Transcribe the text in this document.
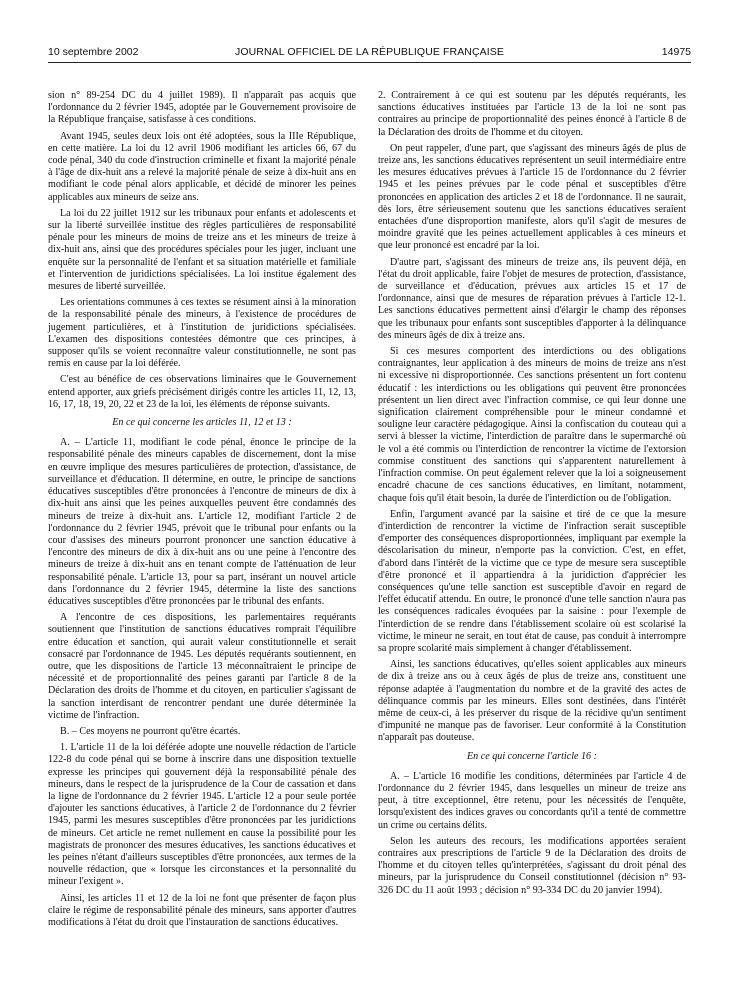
10 septembre 2002	JOURNAL OFFICIEL DE LA RÉPUBLIQUE FRANÇAISE	14975

sion n° 89-254 DC du 4 juillet 1989). Il n'apparaît pas acquis que l'ordonnance du 2 février 1945, adoptée par le Gouvernement provisoire de la République française, satisfasse à ces conditions.

Avant 1945, seules deux lois ont été adoptées, sous la IIIe République, en cette matière. La loi du 12 avril 1906 modifiant les articles 66, 67 du code pénal, 340 du code d'instruction criminelle et fixant la majorité pénale à l'âge de dix-huit ans a relevé la majorité pénale de seize à dix-huit ans en modifiant le code pénal alors applicable, et décidé de minorer les peines applicables aux mineurs de seize ans.

La loi du 22 juillet 1912 sur les tribunaux pour enfants et adolescents et sur la liberté surveillée institue des règles particulières de responsabilité pénale pour les mineurs de moins de treize ans et les mineurs de treize à dix-huit ans, ainsi que des procédures spéciales pour les juger, incluant une enquête sur la personnalité de l'enfant et sa situation matérielle et familiale et l'intervention de juridictions spécialisées. La loi institue également des mesures de liberté surveillée.

Les orientations communes à ces textes se résument ainsi à la minoration de la responsabilité pénale des mineurs, à l'existence de procédures de jugement particulières, et à l'institution de juridictions spécialisées. L'examen des dispositions contestées démontre que ces principes, à supposer qu'ils se voient reconnaître valeur constitutionnelle, ne sont pas remis en cause par la loi déférée.

C'est au bénéfice de ces observations liminaires que le Gouvernement entend apporter, aux griefs précisément dirigés contre les articles 11, 12, 13, 16, 17, 18, 19, 20, 22 et 23 de la loi, les éléments de réponse suivants.

En ce qui concerne les articles 11, 12 et 13 :

A. – L'article 11, modifiant le code pénal, énonce le principe de la responsabilité pénale des mineurs capables de discernement, dont la mise en œuvre implique des mesures particulières de protection, d'assistance, de surveillance et d'éducation. Il détermine, en outre, le principe de sanctions éducatives susceptibles d'être prononcées à l'encontre de mineurs de dix à dix-huit ans ainsi que les peines auxquelles peuvent être condamnés des mineurs de treize à dix-huit ans. L'article 12, modifiant l'article 2 de l'ordonnance du 2 février 1945, prévoit que le tribunal pour enfants ou la cour d'assises des mineurs pourront prononcer une sanction éducative à l'encontre des mineurs de dix à dix-huit ans ou une peine à l'encontre des mineurs de treize à dix-huit ans en tenant compte de l'atténuation de leur responsabilité pénale. L'article 13, pour sa part, insérant un nouvel article dans l'ordonnance du 2 février 1945, détermine la liste des sanctions éducatives susceptibles d'être prononcées par le tribunal des enfants.

A l'encontre de ces dispositions, les parlementaires requérants soutiennent que l'institution de sanctions éducatives romprait l'équilibre entre éducation et sanction, qui aurait valeur constitutionnelle et serait consacré par l'ordonnance de 1945. Les députés requérants soutiennent, en outre, que les dispositions de l'article 13 méconnaîtraient le principe de nécessité et de proportionnalité des peines garanti par l'article 8 de la Déclaration des droits de l'homme et du citoyen, en particulier s'agissant de la sanction interdisant de rencontrer pendant une durée déterminée la victime de l'infraction.

B. – Ces moyens ne pourront qu'être écartés.

1. L'article 11 de la loi déférée adopte une nouvelle rédaction de l'article 122-8 du code pénal qui se borne à inscrire dans une disposition textuelle expresse les principes qui gouvernent déjà la responsabilité pénale des mineurs, dans le respect de la jurisprudence de la Cour de cassation et dans la ligne de l'ordonnance du 2 février 1945. L'article 12 a pour seule portée d'ajouter les sanctions éducatives, à l'article 2 de l'ordonnance du 2 février 1945, parmi les mesures susceptibles d'être prononcées par les juridictions de mineurs. Cet article ne remet nullement en cause la possibilité pour les magistrats de prononcer des mesures éducatives, les sanctions éducatives et les peines n'étant d'ailleurs susceptibles d'être prononcées, aux termes de la nouvelle rédaction, que « lorsque les circonstances et la personnalité du mineur l'exigent ».

Ainsi, les articles 11 et 12 de la loi ne font que présenter de façon plus claire le régime de responsabilité pénale des mineurs, sans apporter d'autres modifications à l'état du droit que l'instauration de sanctions éducatives.

2. Contrairement à ce qui est soutenu par les députés requérants, les sanctions éducatives instituées par l'article 13 de la loi ne sont pas contraires au principe de proportionnalité des peines énoncé à l'article 8 de la Déclaration des droits de l'homme et du citoyen.

On peut rappeler, d'une part, que s'agissant des mineurs âgés de plus de treize ans, les sanctions éducatives représentent un seuil intermédiaire entre les mesures éducatives prévues à l'article 15 de l'ordonnance du 2 février 1945 et les peines prévues par le code pénal et susceptibles d'être prononcées en application des articles 2 et 18 de l'ordonnance. Il ne saurait, dès lors, être sérieusement soutenu que les sanctions éducatives seraient entachées d'une disproportion manifeste, alors qu'il s'agit de mesures de moindre gravité que les peines actuellement applicables à ces mineurs et que leur prononcé est encadré par la loi.

D'autre part, s'agissant des mineurs de treize ans, ils peuvent déjà, en l'état du droit applicable, faire l'objet de mesures de protection, d'assistance, de surveillance et d'éducation, prévues aux articles 15 et 17 de l'ordonnance, ainsi que de mesures de réparation prévues à l'article 12-1. Les sanctions éducatives permettent ainsi d'élargir le champ des réponses que les tribunaux pour enfants sont susceptibles d'apporter à la délinquance des mineurs âgés de dix à treize ans.

Si ces mesures comportent des interdictions ou des obligations contraignantes, leur application à des mineurs de moins de treize ans n'est ni excessive ni disproportionnée. Ces sanctions présentent un fort contenu éducatif : les interdictions ou les obligations qui peuvent être prononcées présentent un lien direct avec l'infraction commise, ce qui leur donne une signification clairement compréhensible pour le mineur condamné et souligne leur caractère pédagogique. Ainsi la confiscation du couteau qui a servi à blesser la victime, l'interdiction de paraître dans le supermarché où le vol a été commis ou l'interdiction de rencontrer la victime de l'extorsion commise constituent des sanctions qui s'apparentent naturellement à l'infraction commise. On peut également relever que la loi a soigneusement encadré chacune de ces sanctions éducatives, en limitant, notamment, chaque fois qu'il était besoin, la durée de l'interdiction ou de l'obligation.

Enfin, l'argument avancé par la saisine et tiré de ce que la mesure d'interdiction de rencontrer la victime de l'infraction serait susceptible d'emporter des conséquences disproportionnées, impliquant par exemple la déscolarisation du mineur, n'emporte pas la conviction. C'est, en effet, d'abord dans l'intérêt de la victime que ce type de mesure sera susceptible d'être prononcé et il appartiendra à la juridiction d'apprécier les conséquences qu'une telle sanction est susceptible d'avoir en regard de l'effet éducatif attendu. En outre, le prononcé d'une telle sanction n'aura pas les conséquences radicales évoquées par la saisine : pour l'exemple de l'interdiction de se rendre dans l'établissement scolaire où est scolarisé la victime, le mineur ne serait, en tout état de cause, pas conduit à interrompre sa propre scolarité mais simplement à changer d'établissement.

Ainsi, les sanctions éducatives, qu'elles soient applicables aux mineurs de dix à treize ans ou à ceux âgés de plus de treize ans, constituent une réponse adaptée à l'augmentation du nombre et de la gravité des actes de délinquance commis par les mineurs. Elles sont destinées, dans l'intérêt même de ceux-ci, à les préserver du risque de la récidive qu'un sentiment d'impunité ne manque pas de favoriser. Leur conformité à la Constitution n'apparaît pas douteuse.

En ce qui concerne l'article 16 :

A. – L'article 16 modifie les conditions, déterminées par l'article 4 de l'ordonnance du 2 février 1945, dans lesquelles un mineur de treize ans peut, à titre exceptionnel, être retenu, pour les nécessités de l'enquête, lorsqu'existent des indices graves ou concordants qu'il a tenté de commettre un crime ou certains délits.

Selon les auteurs des recours, les modifications apportées seraient contraires aux prescriptions de l'article 9 de la Déclaration des droits de l'homme et du citoyen telles qu'interprétées, s'agissant du droit pénal des mineurs, par la jurisprudence du Conseil constitutionnel (décision n° 93-326 DC du 11 août 1993 ; décision n° 93-334 DC du 20 janvier 1994).
